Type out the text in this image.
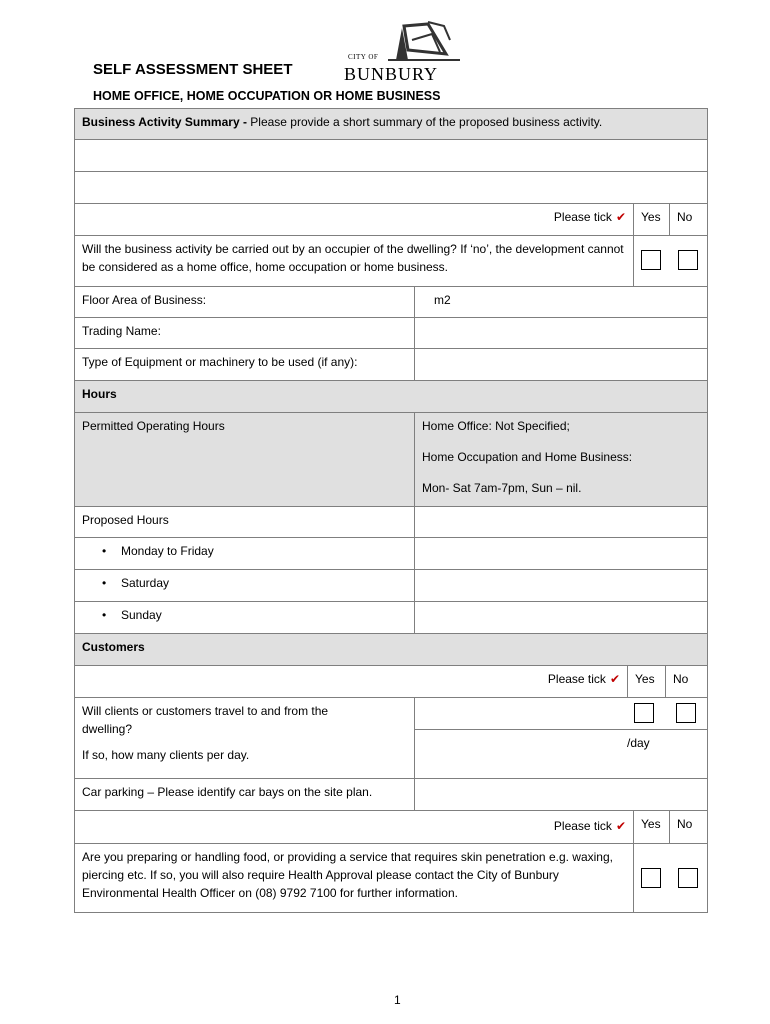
SELF ASSESSMENT SHEET
HOME OFFICE, HOME OCCUPATION OR HOME BUSINESS
CITY OF
BUNBURY
Business Activity Summary - Please provide a short summary of the proposed business activity.
Please tick ✔	Yes	No
Will the business activity be carried out by an occupier of the dwelling? If ‘no’, the development cannot be considered as a home office, home occupation or home business.
Floor Area of Business:	m2
Trading Name:
Type of Equipment or machinery to be used (if any):
Hours
Permitted Operating Hours	Home Office: Not Specified;
Home Occupation and Home Business:
Mon- Sat 7am-7pm, Sun – nil.
Proposed Hours
• Monday to Friday
• Saturday
• Sunday
Customers
Please tick ✔	Yes	No
Will clients or customers travel to and from the dwelling?
If so, how many clients per day.
/day
Car parking – Please identify car bays on the site plan.
Please tick ✔	Yes	No
Are you preparing or handling food, or providing a service that requires skin penetration e.g. waxing, piercing etc. If so, you will also require Health Approval please contact the City of Bunbury Environmental Health Officer on (08) 9792 7100 for further information.
1
